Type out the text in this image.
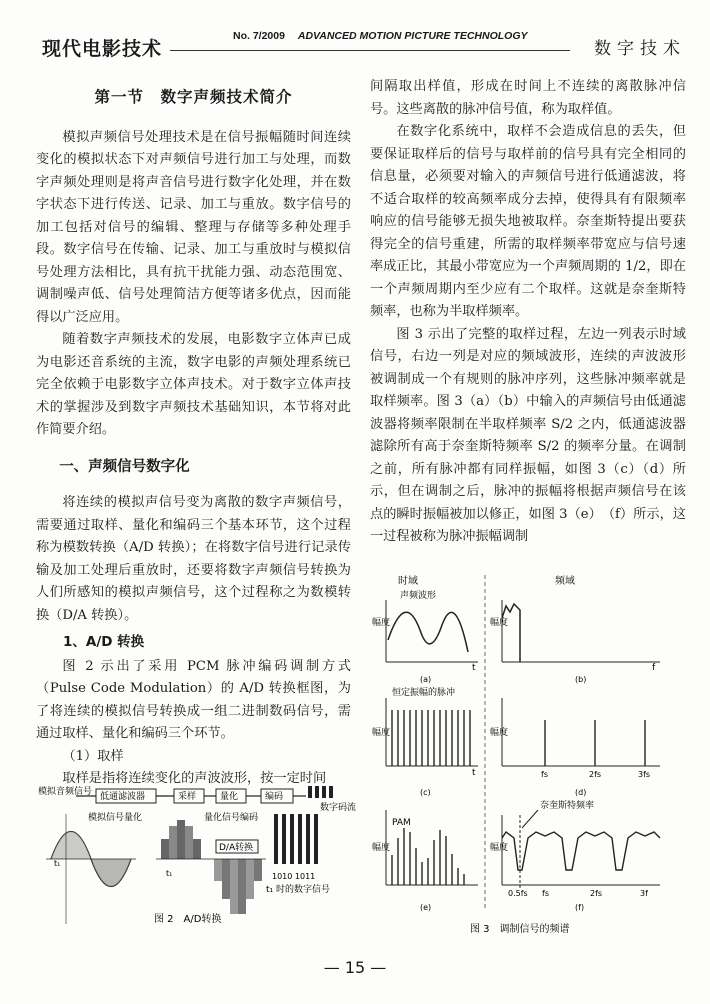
现代电影技术
No. 7/2009 ADVANCED MOTION PICTURE TECHNOLOGY
数字技术

第一节　数字声频技术简介

模拟声频信号处理技术是在信号振幅随时间连续变化的模拟状态下对声频信号进行加工与处理，而数字声频处理则是将声音信号进行数字化处理，并在数字状态下进行传送、记录、加工与重放。数字信号的加工包括对信号的编辑、整理与存储等多种处理手段。数字信号在传输、记录、加工与重放时与模拟信号处理方法相比，具有抗干扰能力强、动态范围宽、调制噪声低、信号处理简洁方便等诸多优点，因而能得以广泛应用。

随着数字声频技术的发展，电影数字立体声已成为电影还音系统的主流，数字电影的声频处理系统已完全依赖于电影数字立体声技术。对于数字立体声技术的掌握涉及到数字声频技术基础知识，本节将对此作简要介绍。

一、声频信号数字化

将连续的模拟声信号变为离散的数字声频信号，需要通过取样、量化和编码三个基本环节，这个过程称为模数转换（A/D 转换）；在将数字信号进行记录传输及加工处理后重放时，还要将数字声频信号转换为人们所感知的模拟声频信号，这个过程称之为数模转换（D/A 转换）。

1、A/D 转换

图 2 示出了采用 PCM 脉冲编码调制方式（Pulse Code Modulation）的 A/D 转换框图，为了将连续的模拟信号转换成一组二进制数码信号，需通过取样、量化和编码三个环节。

（1）取样

取样是指将连续变化的声波波形，按一定时间

间隔取出样值，形成在时间上不连续的离散脉冲信号。这些离散的脉冲信号值，称为取样值。

在数字化系统中，取样不会造成信息的丢失，但要保证取样后的信号与取样前的信号具有完全相同的信息量，必须要对输入的声频信号进行低通滤波，将不适合取样的较高频率成分去掉，使得具有有限频率响应的信号能够无损失地被取样。奈奎斯特提出要获得完全的信号重建，所需的取样频率带宽应与信号速率成正比，其最小带宽应为一个声频周期的 1/2，即在一个声频周期内至少应有二个取样。这就是奈奎斯特频率，也称为半取样频率。

图 3 示出了完整的取样过程，左边一列表示时域信号，右边一列是对应的频域波形，连续的声波波形被调制成一个有规则的脉冲序列，这些脉冲频率就是取样频率。图 3（a）（b）中输入的声频信号由低通滤波器将频率限制在半取样频率 S/2 之内，低通滤波器滤除所有高于奈奎斯特频率 S/2 的频率分量。在调制之前，所有脉冲都有同样振幅，如图 3（c）（d）所示，但在调制之后，脉冲的振幅将根据声频信号在该点的瞬时振幅被加以修正，如图 3（e）　（f）所示，这一过程被称为脉冲振幅调制

模拟音频信号 低通滤波器	采样	量化	编码
数字码流
t₁
模拟信号量化
t₁
量化信号编码
D/A转换
1010 1011
t₁ 时的数字信号
图 2　A/D转换
时域	频域
声频波形
幅度
t
(a)
幅度
f
(b)
恒定振幅的脉冲
幅度
t
(c)
幅度
fs	2fs	3fs
(d)
PAM
幅度
(e)
奈奎斯特频率
幅度
0.5fs fs	2fs	3f
(f)
图 3　调制信号的频谱
— 15 —
